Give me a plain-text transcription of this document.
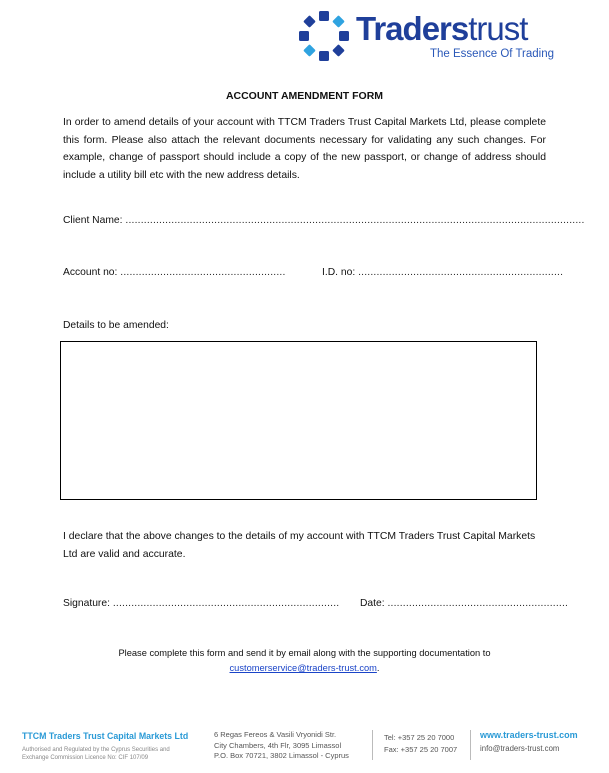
Traderstrust
The Essence Of Trading
ACCOUNT AMENDMENT FORM

In order to amend details of your account with TTCM Traders Trust Capital Markets Ltd, please complete this form. Please also attach the relevant documents necessary for validating any such changes. For example, change of passport should include a copy of the new passport, or change of address should include a utility bill etc with the new address details.

Client Name: ......................................................................................................................................................
Account no: ......................................................	I.D. no: ...................................................................
Details to be amended:

I declare that the above changes to the details of my account with TTCM Traders Trust Capital Markets Ltd are valid and accurate.

Signature: .......................................................................... Date: ...........................................................
Please complete this form and send it by email along with the supporting documentation to
customerservice@traders-trust.com.
TTCM Traders Trust Capital Markets Ltd
Authorised and Regulated by the Cyprus Securities and
Exchange Commission Licence No: CIF 107/09
6 Regas Fereos & Vasili Vryonidi Str.
City Chambers, 4th Flr, 3095 Limassol
P.O. Box 70721, 3802 Limassol - Cyprus
Tel: +357 25 20 7000
Fax: +357 25 20 7007
www.traders-trust.com
info@traders-trust.com
